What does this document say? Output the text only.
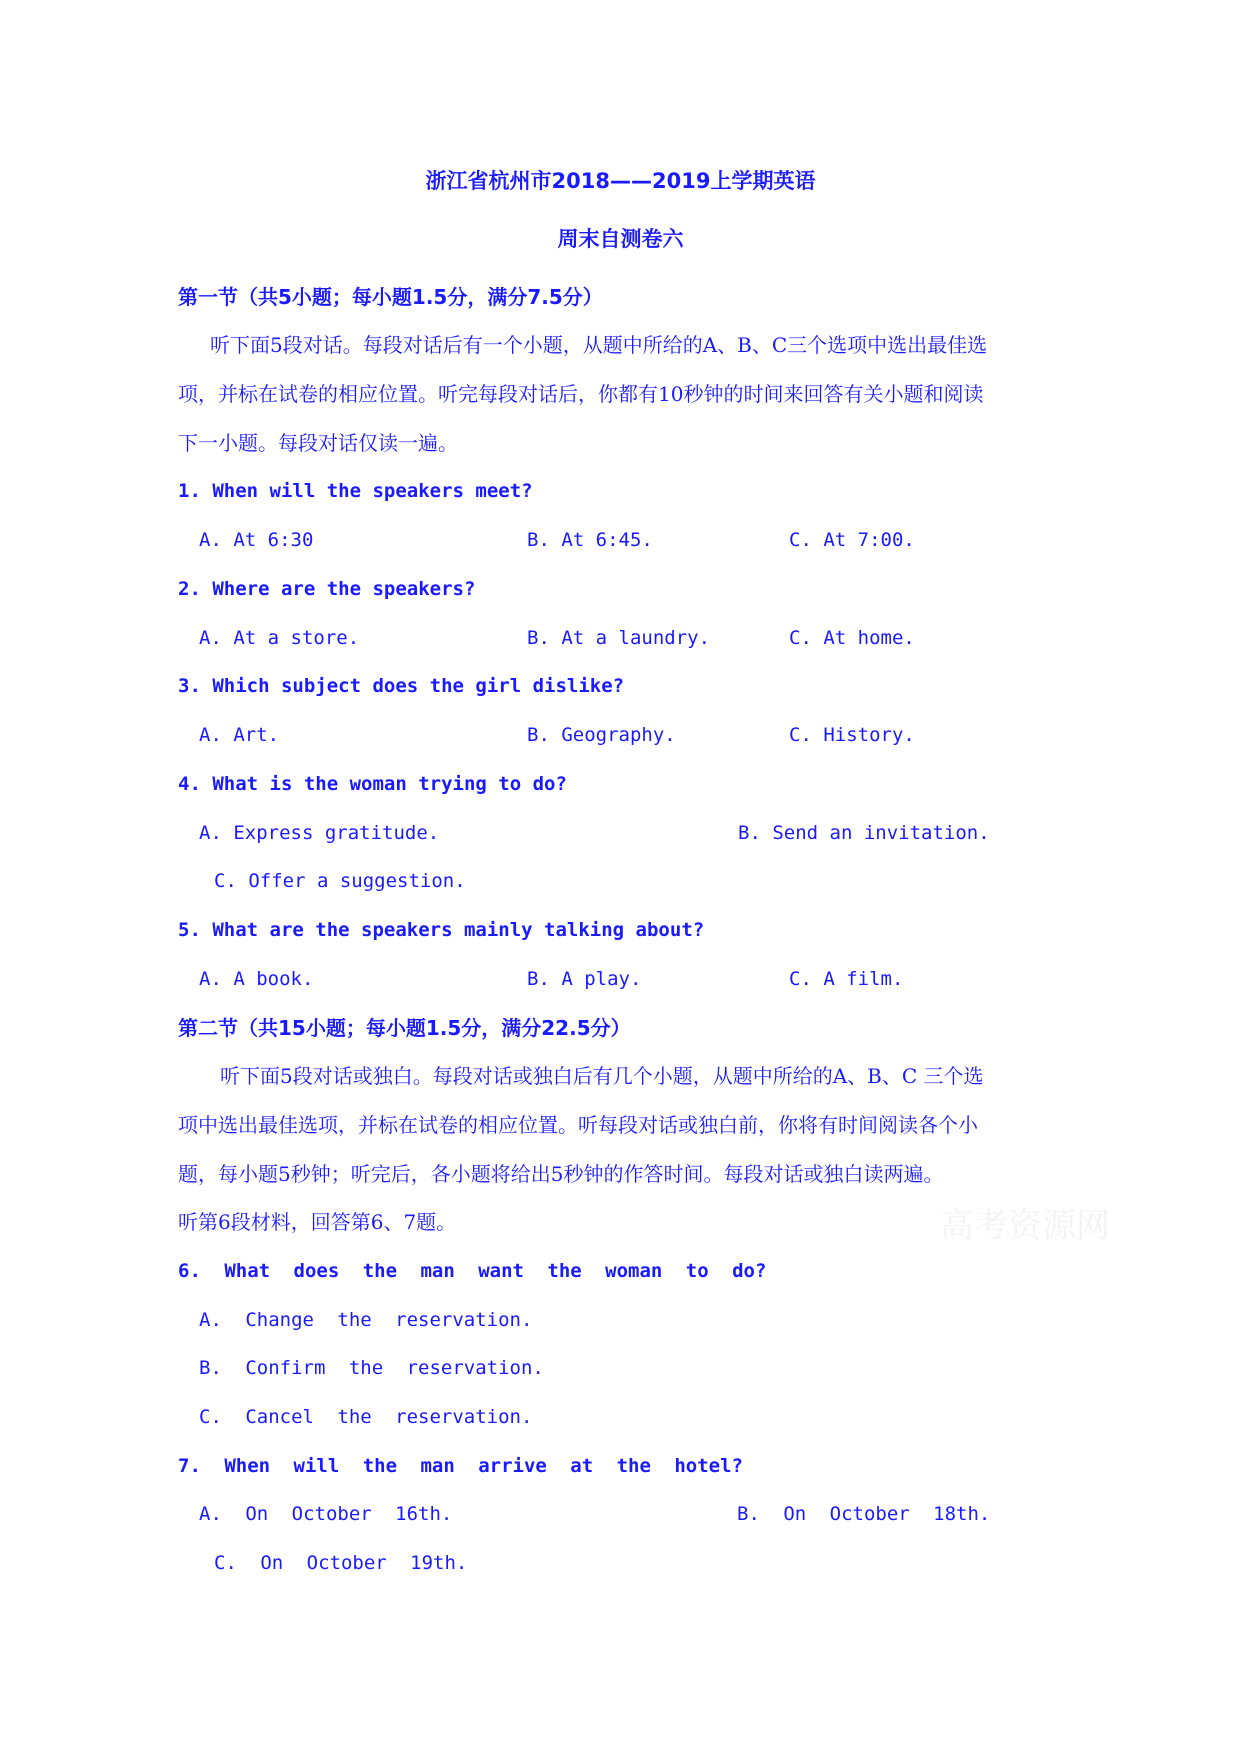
浙江省杭州市2018——2019上学期英语
周末自测卷六
第一节（共5小题；每小题1.5分，满分7.5分）
听下面5段对话。每段对话后有一个小题，从题中所给的A、B、C三个选项中选出最佳选
项，并标在试卷的相应位置。听完每段对话后，你都有10秒钟的时间来回答有关小题和阅读
下一小题。每段对话仅读一遍。
1. When will the speakers meet?
A. At 6:30	B. At 6:45.	C. At 7:00.
2. Where are the speakers?
A. At a store.	B. At a laundry.	C. At home.
3. Which subject does the girl dislike?
A. Art.	B. Geography.	C. History.
4. What is the woman trying to do?
A. Express gratitude.	B. Send an invitation.
C. Offer a suggestion.
5. What are the speakers mainly talking about?
A. A book.	B. A play.	C. A film.
第二节（共15小题；每小题1.5分，满分22.5分）
听下面5段对话或独白。每段对话或独白后有几个小题，从题中所给的A、B、C 三个选
项中选出最佳选项，并标在试卷的相应位置。听每段对话或独白前，你将有时间阅读各个小
题，每小题5秒钟；听完后，各小题将给出5秒钟的作答时间。每段对话或独白读两遍。
听第6段材料，回答第6、7题。	高考资源网
6. What does the man want the woman to do?
A. Change the reservation.
B. Confirm the reservation.
C. Cancel the reservation.
7. When will the man arrive at the hotel?
A. On October 16th.	B. On October 18th.
C. On October 19th.
